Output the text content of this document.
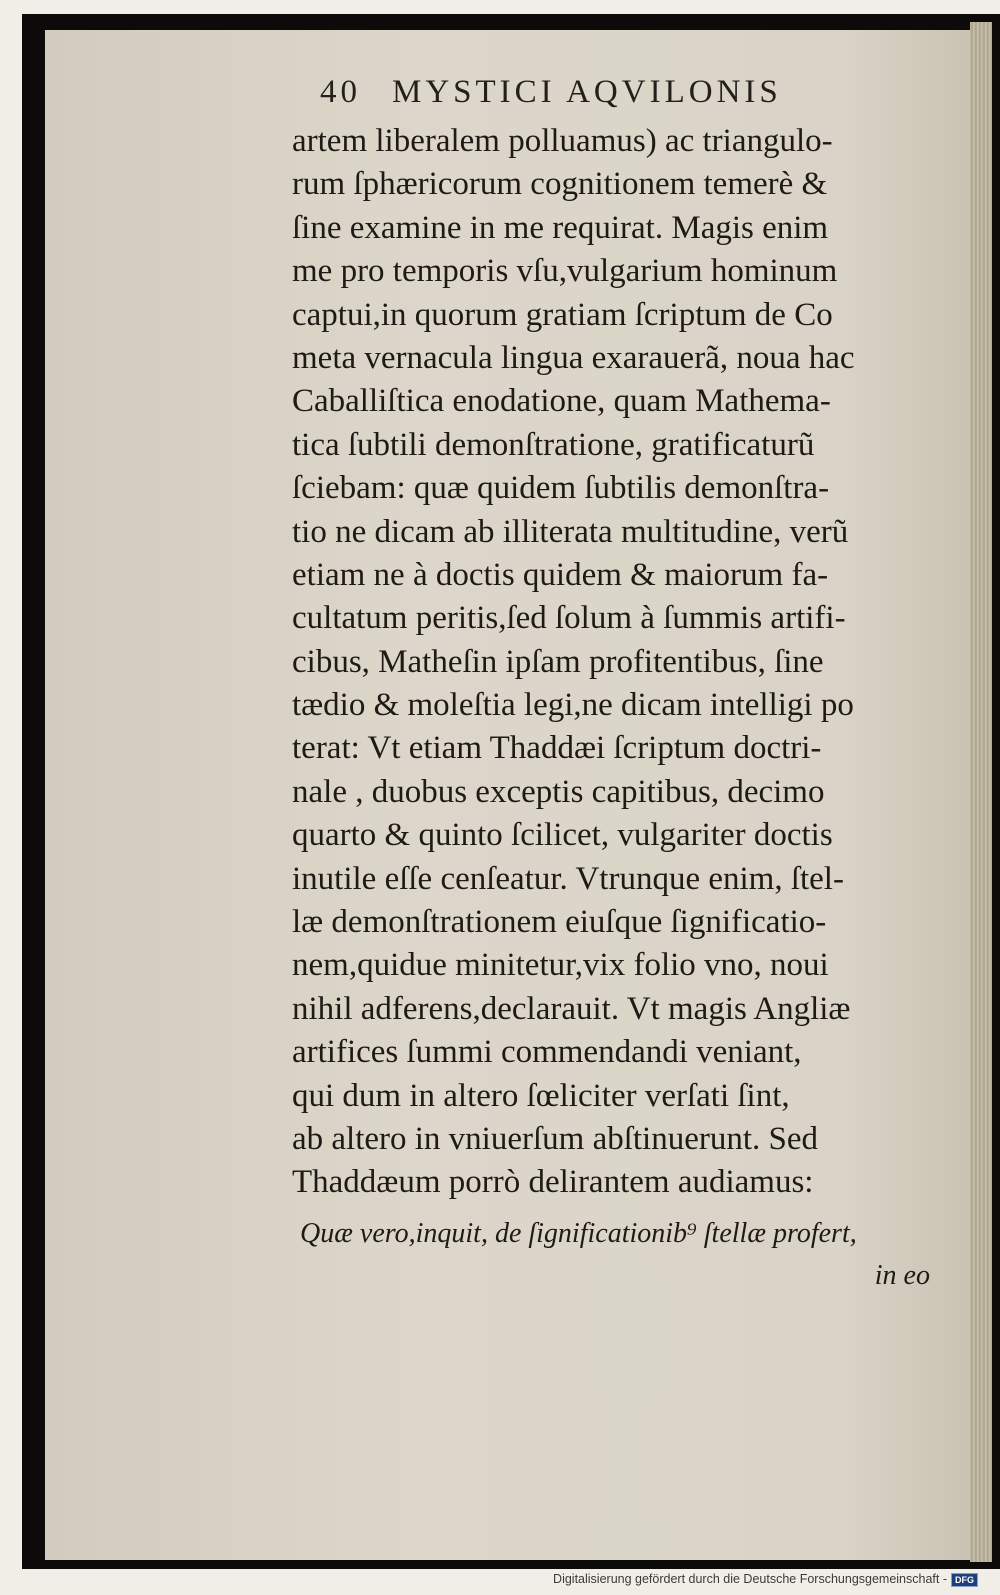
40 MYSTICI AQVILONIS
artem liberalem polluamus) ac triangulo-
rum ſphæricorum cognitionem temerè &
ſine examine in me requirat. Magis enim
me pro temporis vſu,vulgarium hominum
captui,in quorum gratiam ſcriptum de Co
meta vernacula lingua exarauerã, noua hac
Caballiſtica enodatione, quam Mathema-
tica ſubtili demonſtratione, gratificaturũ
ſciebam: quæ quidem ſubtilis demonſtra-
tio ne dicam ab illiterata multitudine, verũ
etiam ne à doctis quidem & maiorum fa-
cultatum peritis,ſed ſolum à ſummis artifi-
cibus, Matheſin ipſam profitentibus, ſine
tædio & moleſtia legi,ne dicam intelligi po
terat: Vt etiam Thaddæi ſcriptum doctri-
nale , duobus exceptis capitibus, decimo
quarto & quinto ſcilicet, vulgariter doctis
inutile eſſe cenſeatur. Vtrunque enim, ſtel-
læ demonſtrationem eiuſque ſignificatio-
nem,quidue minitetur,vix folio vno, noui
nihil adferens,declarauit. Vt magis Angliæ
artifices ſummi commendandi veniant,
qui dum in altero ſœliciter verſati ſint,
ab altero in vniuerſum abſtinuerunt. Sed
Thaddæum porrò delirantem audiamus:
Quæ vero,inquit, de ſignificationib⁹ ſtellæ profert,
in eo
Digitalisierung gefördert durch die Deutsche Forschungsgemeinschaft - DFG
